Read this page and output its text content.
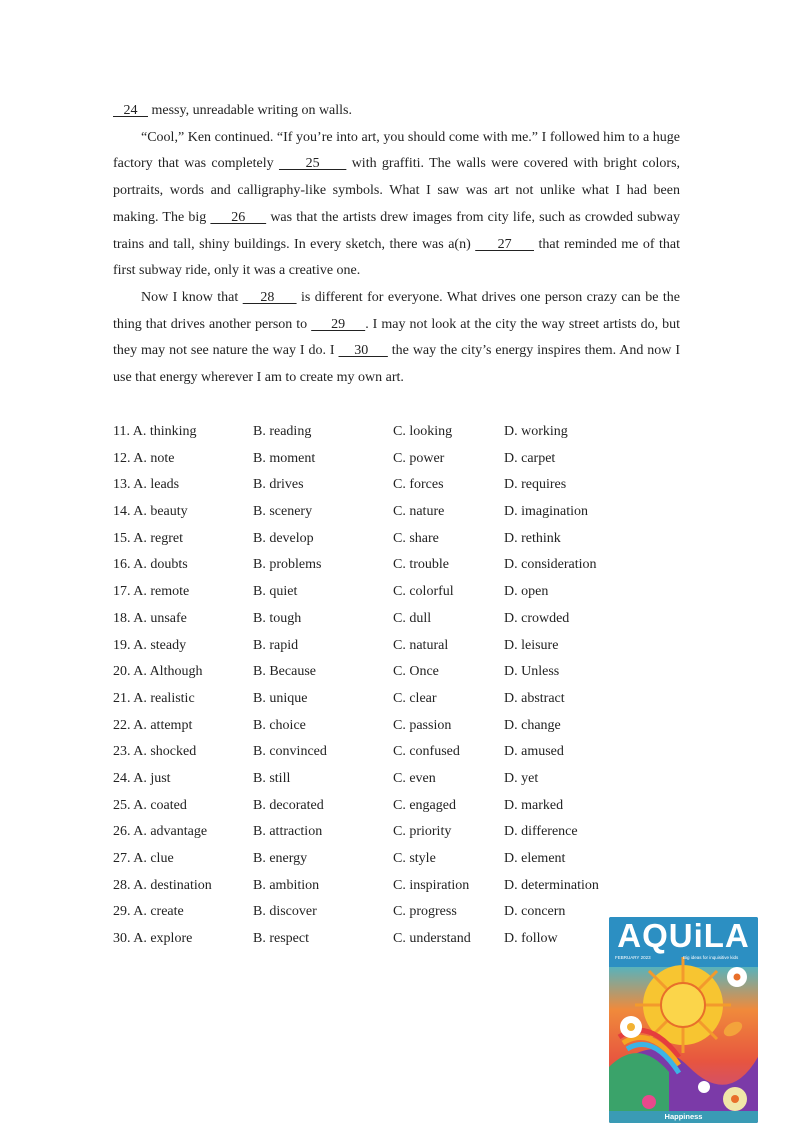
24    messy, unreadable writing on walls.

“Cool,” Ken continued. “If you’re into art, you should come with me.” I followed him to a huge factory that was completely      25      with graffiti. The walls were covered with bright colors, portraits, words and calligraphy-like symbols. What I saw was art not unlike what I had been making. The big      26      was that the artists drew images from city life, such as crowded subway trains and tall, shiny buildings. In every sketch, there was a(n)      27      that reminded me of that first subway ride, only it was a creative one.

Now I know that     28      is different for everyone. What drives one person crazy can be the thing that drives another person to      29     . I may not look at the city the way street artists do, but they may not see nature the way I do. I     30      the way the city’s energy inspires them. And now I use that energy wherever I am to create my own art.

11. A. thinking	B. reading	C. looking	D. working
12. A. note	B. moment	C. power	D. carpet
13. A. leads	B. drives	C. forces	D. requires
14. A. beauty	B. scenery	C. nature	D. imagination
15. A. regret	B. develop	C. share	D. rethink
16. A. doubts	B. problems	C. trouble	D. consideration
17. A. remote	B. quiet	C. colorful	D. open
18. A. unsafe	B. tough	C. dull	D. crowded
19. A. steady	B. rapid	C. natural	D. leisure
20. A. Although	B. Because	C. Once	D. Unless
21. A. realistic	B. unique	C. clear	D. abstract
22. A. attempt	B. choice	C. passion	D. change
23. A. shocked	B. convinced	C. confused	D. amused
24. A. just	B. still	C. even	D. yet
25. A. coated	B. decorated	C. engaged	D. marked
26. A. advantage	B. attraction	C. priority	D. difference
27. A. clue	B. energy	C. style	D. element
28. A. destination	B. ambition	C. inspiration D. determination
29. A. create	B. discover	C. progress	D. concern
30. A. explore	B. respect	C. understand D. follow AQUiLA
FEBRUARY 2023	Big ideas for inquisitive kids
Happiness
